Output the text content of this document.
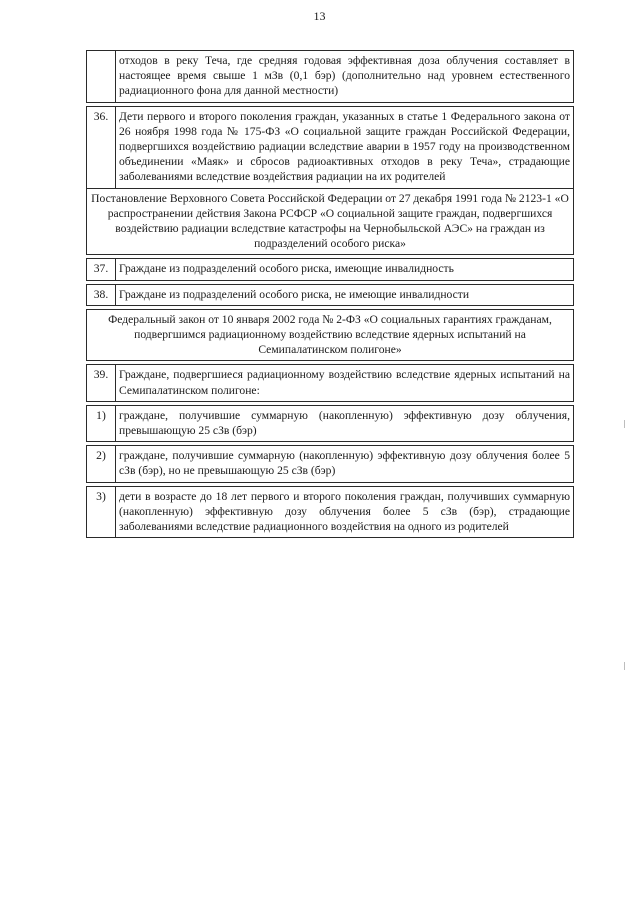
13
	отходов в реку Теча, где средняя годовая эффективная доза облучения составляет в настоящее время свыше 1 мЗв (0,1 бэр) (дополнительно над уровнем естественного радиационного фона для данной местности)

36.	Дети первого и второго поколения граждан, указанных в статье 1 Федерального закона от 26 ноября 1998 года № 175-ФЗ «О социальной защите граждан Российской Федерации, подвергшихся воздействию радиации вследствие аварии в 1957 году на производственном объединении «Маяк» и сбросов радиоактивных отходов в реку Теча», страдающие заболеваниями вследствие воздействия радиации на их родителей
Постановление Верховного Совета Российской Федерации от 27 декабря 1991 года № 2123-1 «О распространении действия Закона РСФСР «О социальной защите граждан, подвергшихся воздействию радиации вследствие катастрофы на Чернобыльской АЭС» на граждан из подразделений особого риска»	

37.	Граждане из подразделений особого риска, имеющие инвалидность

38.	Граждане из подразделений особого риска, не имеющие инвалидности

Федеральный закон от 10 января 2002 года № 2-ФЗ «О социальных гарантиях гражданам, подвергшимся радиационному воздействию вследствие ядерных испытаний на Семипалатинском полигоне»	

39.	Граждане, подвергшиеся радиационному воздействию вследствие ядерных испытаний на Семипалатинском полигоне:

1)	граждане, получившие суммарную (накопленную) эффективную дозу облучения, превышающую 25 сЗв (бэр)

2)	граждане, получившие суммарную (накопленную) эффективную дозу облучения более 5 сЗв (бэр), но не превышающую 25 сЗв (бэр)

3)	дети в возрасте до 18 лет первого и второго поколения граждан, получивших суммарную (накопленную) эффективную дозу облучения более 5 сЗв (бэр), страдающие заболеваниями вследствие радиационного воздействия на одного из родителей
